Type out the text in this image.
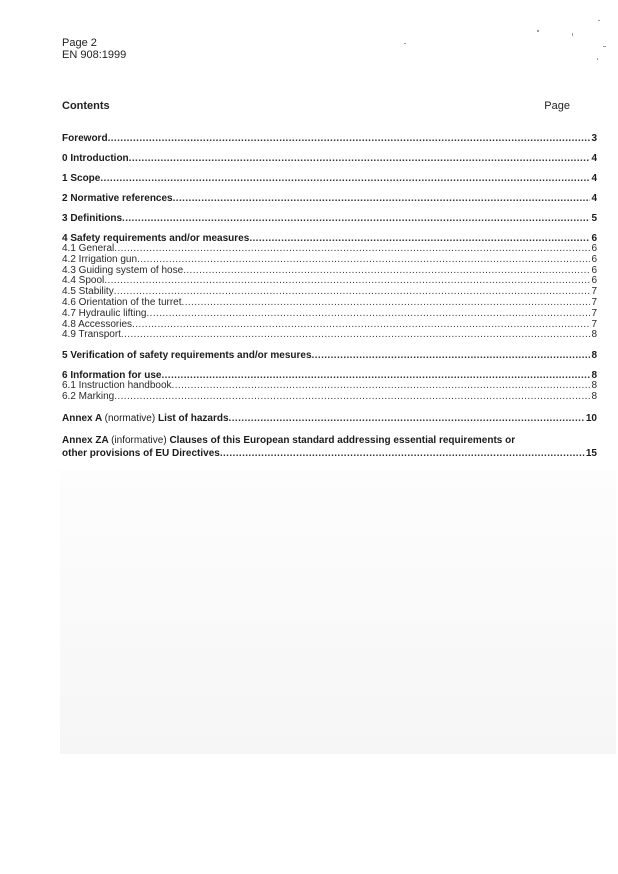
Page 2
EN 908:1999
Contents	Page
Foreword .....	3
0 Introduction .....	4
1 Scope .....	4
2 Normative references .....	4
3 Definitions .....	5
4 Safety requirements and/or measures .....	6
4.1 General .....	6
4.2 Irrigation gun .....	6
4.3 Guiding system of hose .....	6
4.4 Spool .....	6
4.5 Stability .....	7
4.6 Orientation of the turret .....	7
4.7 Hydraulic lifting .....	7
4.8 Accessories .....	7
4.9 Transport .....	8
5 Verification of safety requirements and/or mesures .....	8
6 Information for use .....	8
6.1 Instruction handbook .....	8
6.2 Marking .....	8
Annex A (normative) List of hazards .....	10
Annex ZA (informative) Clauses of this European standard addressing essential requirements or
other provisions of EU Directives .....	15
